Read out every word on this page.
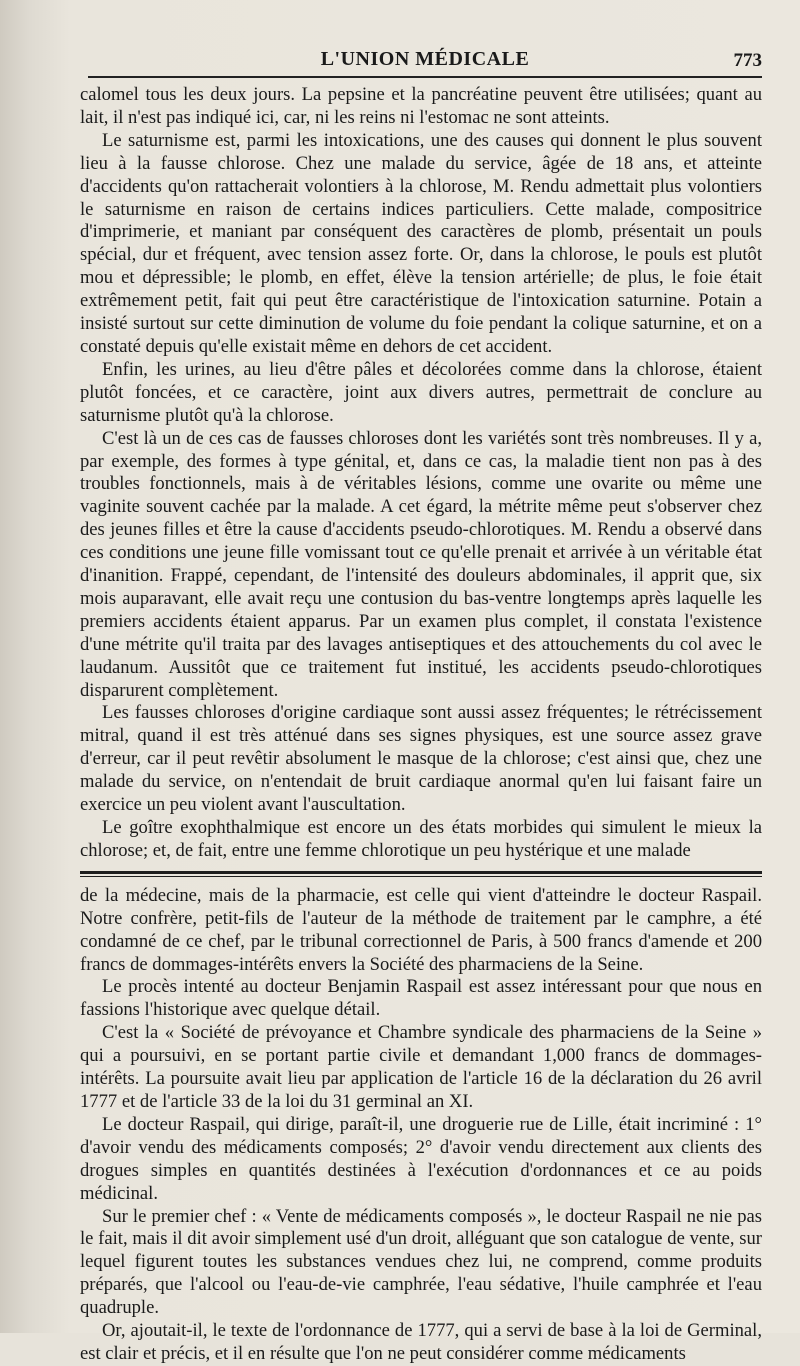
L'UNION MÉDICALE	773

calomel tous les deux jours. La pepsine et la pancréatine peuvent être utilisées; quant au lait, il n'est pas indiqué ici, car, ni les reins ni l'estomac ne sont atteints.

Le saturnisme est, parmi les intoxications, une des causes qui donnent le plus souvent lieu à la fausse chlorose. Chez une malade du service, âgée de 18 ans, et atteinte d'accidents qu'on rattacherait volontiers à la chlorose, M. Rendu admettait plus volontiers le saturnisme en raison de certains indices particuliers. Cette malade, compositrice d'imprimerie, et maniant par conséquent des caractères de plomb, présentait un pouls spécial, dur et fréquent, avec tension assez forte. Or, dans la chlorose, le pouls est plutôt mou et dépressible; le plomb, en effet, élève la tension artérielle; de plus, le foie était extrêmement petit, fait qui peut être caractéristique de l'intoxication saturnine. Potain a insisté surtout sur cette diminution de volume du foie pendant la colique saturnine, et on a constaté depuis qu'elle existait même en dehors de cet accident.

Enfin, les urines, au lieu d'être pâles et décolorées comme dans la chlorose, étaient plutôt foncées, et ce caractère, joint aux divers autres, permettrait de conclure au saturnisme plutôt qu'à la chlorose.

C'est là un de ces cas de fausses chloroses dont les variétés sont très nombreuses. Il y a, par exemple, des formes à type génital, et, dans ce cas, la maladie tient non pas à des troubles fonctionnels, mais à de véritables lésions, comme une ovarite ou même une vaginite souvent cachée par la malade. A cet égard, la métrite même peut s'observer chez des jeunes filles et être la cause d'accidents pseudo-chlorotiques. M. Rendu a observé dans ces conditions une jeune fille vomissant tout ce qu'elle prenait et arrivée à un véritable état d'inanition. Frappé, cependant, de l'intensité des douleurs abdominales, il apprit que, six mois auparavant, elle avait reçu une contusion du bas-ventre longtemps après laquelle les premiers accidents étaient apparus. Par un examen plus complet, il constata l'existence d'une métrite qu'il traita par des lavages antiseptiques et des attouchements du col avec le laudanum. Aussitôt que ce traitement fut institué, les accidents pseudo-chlorotiques disparurent complètement.

Les fausses chloroses d'origine cardiaque sont aussi assez fréquentes; le rétrécissement mitral, quand il est très atténué dans ses signes physiques, est une source assez grave d'erreur, car il peut revêtir absolument le masque de la chlorose; c'est ainsi que, chez une malade du service, on n'entendait de bruit cardiaque anormal qu'en lui faisant faire un exercice un peu violent avant l'auscultation.

Le goître exophthalmique est encore un des états morbides qui simulent le mieux la chlorose; et, de fait, entre une femme chlorotique un peu hystérique et une malade

de la médecine, mais de la pharmacie, est celle qui vient d'atteindre le docteur Raspail. Notre confrère, petit-fils de l'auteur de la méthode de traitement par le camphre, a été condamné de ce chef, par le tribunal correctionnel de Paris, à 500 francs d'amende et 200 francs de dommages-intérêts envers la Société des pharmaciens de la Seine.

Le procès intenté au docteur Benjamin Raspail est assez intéressant pour que nous en fassions l'historique avec quelque détail.

C'est la « Société de prévoyance et Chambre syndicale des pharmaciens de la Seine » qui a poursuivi, en se portant partie civile et demandant 1,000 francs de dommages-intérêts. La poursuite avait lieu par application de l'article 16 de la déclaration du 26 avril 1777 et de l'article 33 de la loi du 31 germinal an XI.

Le docteur Raspail, qui dirige, paraît-il, une droguerie rue de Lille, était incriminé : 1° d'avoir vendu des médicaments composés; 2° d'avoir vendu directement aux clients des drogues simples en quantités destinées à l'exécution d'ordonnances et ce au poids médicinal.

Sur le premier chef : « Vente de médicaments composés », le docteur Raspail ne nie pas le fait, mais il dit avoir simplement usé d'un droit, alléguant que son catalogue de vente, sur lequel figurent toutes les substances vendues chez lui, ne comprend, comme produits préparés, que l'alcool ou l'eau-de-vie camphrée, l'eau sédative, l'huile camphrée et l'eau quadruple.

Or, ajoutait-il, le texte de l'ordonnance de 1777, qui a servi de base à la loi de Germinal, est clair et précis, et il en résulte que l'on ne peut considérer comme médicaments
